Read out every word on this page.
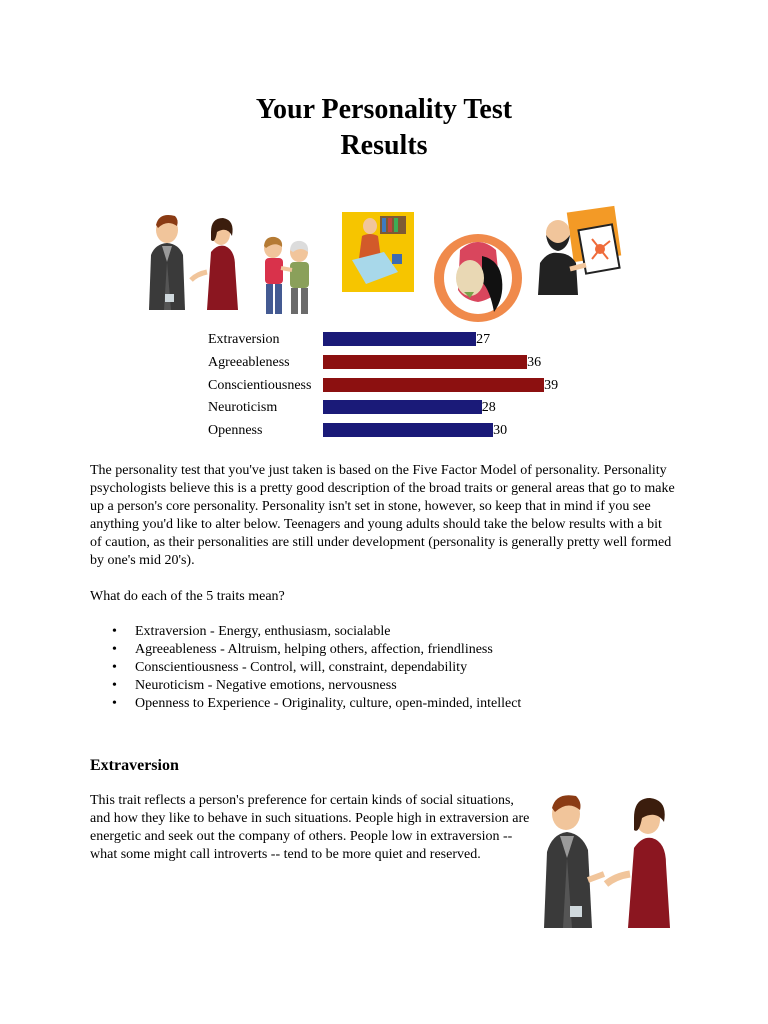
Your Personality Test
Results
Extraversion	27
Agreeableness	36
Conscientiousness	39
Neuroticism	28
Openness	30
The personality test that you've just taken is based on the Five Factor Model of personality. Personality psychologists believe this is a pretty good description of the broad traits or general areas that go to make up a person's core personality. Personality isn't set in stone, however, so keep that in mind if you see anything you'd like to alter below. Teenagers and young adults should take the below results with a bit of caution, as their personalities are still under development (personality is generally pretty well formed by one's mid 20's).
What do each of the 5 traits mean?
• Extraversion - Energy, enthusiasm, socialable
• Agreeableness - Altruism, helping others, affection, friendliness
• Conscientiousness - Control, will, constraint, dependability
• Neuroticism - Negative emotions, nervousness
• Openness to Experience - Originality, culture, open-minded, intellect
Extraversion
This trait reflects a person's preference for certain kinds of social situations, and how they like to behave in such situations. People high in extraversion are energetic and seek out the company of others. People low in extraversion -- what some might call introverts -- tend to be more quiet and reserved.
